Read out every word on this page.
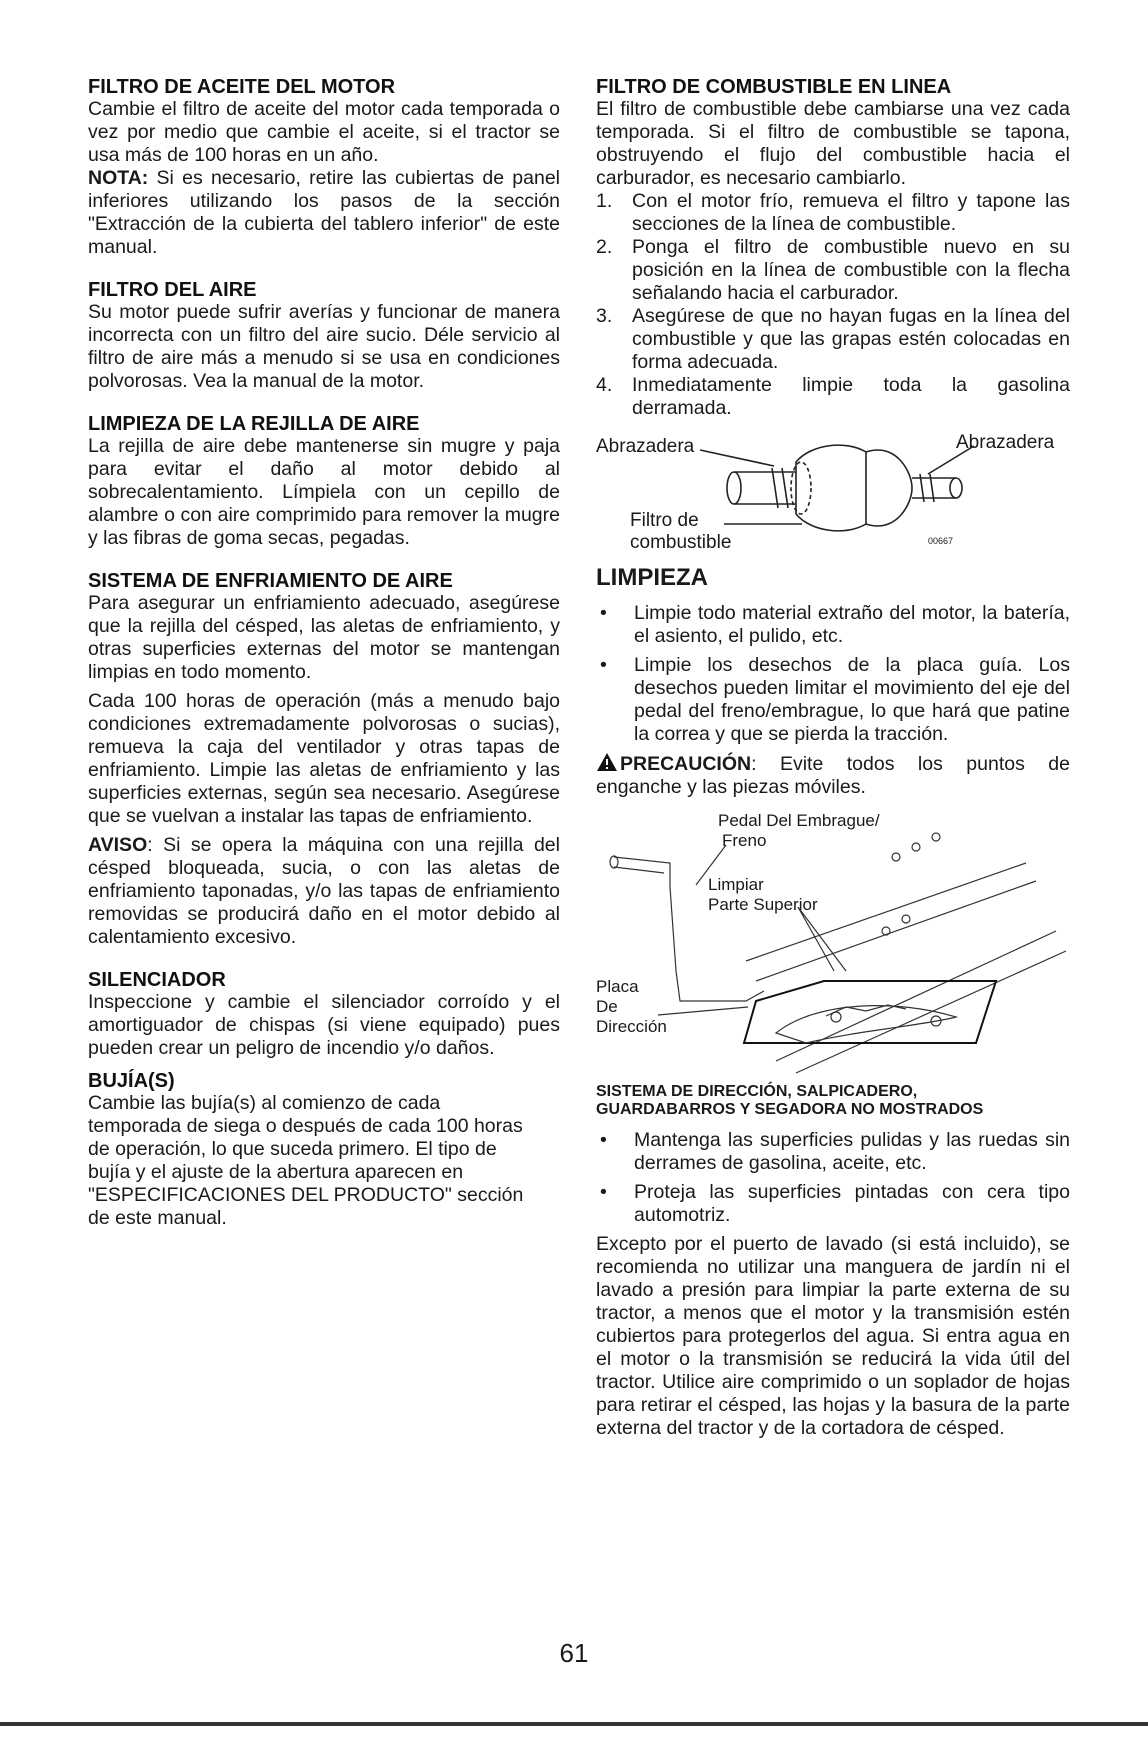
FILTRO DE ACEITE DEL MOTOR

Cambie el filtro de aceite del motor cada temporada o vez por medio que cambie el aceite, si el tractor se usa más de 100 horas en un año.

NOTA: Si es necesario, retire las cubiertas de panel inferiores utilizando los pasos de la sección "Extracción de la cubierta del tablero inferior" de este manual.

FILTRO DEL AIRE

Su motor puede sufrir averías y funcionar de manera incorrecta con un filtro del aire sucio. Déle servicio al filtro de aire más a menudo si se usa en condiciones polvorosas. Vea la manual de la motor.

LIMPIEZA DE LA REJILLA DE AIRE

La rejilla de aire debe mantenerse sin mugre y paja para evitar el daño al motor debido al sobrecalentamiento. Límpiela con un cepillo de alambre o con aire comprimido para remover la mugre y las fibras de goma secas, pegadas.

SISTEMA DE ENFRIAMIENTO DE AIRE

Para asegurar un enfriamiento adecuado, asegúrese que la rejilla del césped, las aletas de enfriamiento, y otras superficies externas del motor se mantengan limpias en todo momento.

Cada 100 horas de operación (más a menudo bajo condiciones extremadamente polvorosas o sucias), remueva la caja del ventilador y otras tapas de enfriamiento. Limpie las aletas de enfriamiento y las superficies externas, según sea necesario. Asegúrese que se vuelvan a instalar las tapas de enfriamiento.

AVISO: Si se opera la máquina con una rejilla del césped bloqueada, sucia, o con las aletas de enfriamiento taponadas, y/o las tapas de enfriamiento removidas se producirá daño en el motor debido al calentamiento excesivo.

SILENCIADOR

Inspeccione y cambie el silenciador corroído y el amortiguador de chispas (si viene equipado) pues pueden crear un peligro de incendio y/o daños.

BUJÍA(S)

Cambie las bujía(s) al comienzo de cada temporada de siega o después de cada 100 horas de operación, lo que suceda primero. El tipo de bujía y el ajuste de la abertura aparecen en "ESPECIFICACIONES DEL PRODUCTO" sección de este manual.

FILTRO DE COMBUSTIBLE EN LINEA

El filtro de combustible debe cambiarse una vez cada temporada. Si el filtro de combustible se tapona, obstruyendo el flujo del combustible hacia el carburador, es necesario cambiarlo.

1. Con el motor frío, remueva el filtro y tapone las secciones de la línea de combustible.
2. Ponga el filtro de combustible nuevo en su posición en la línea de combustible con la flecha señalando hacia el carburador.
3. Asegúrese de que no hayan fugas en la línea del combustible y que las grapas estén colocadas en forma adecuada.
4. Inmediatamente limpie toda la gasolina derramada.
Abrazadera	Abrazadera
Filtro de
combustible	00667
LIMPIEZA
• Limpie todo material extraño del motor, la batería, el asiento, el pulido, etc.
• Limpie los desechos de la placa guía. Los desechos pueden limitar el movimiento del eje del pedal del freno/embrague, lo que hará que patine la correa y que se pierda la tracción.

PRECAUCIÓN: Evite todos los puntos de enganche y las piezas móviles.

Pedal Del Embrague/
Freno
Limpiar
Parte Superior
Placa
De
Dirección
SISTEMA DE DIRECCIÓN, SALPICADERO,
GUARDABARROS Y SEGADORA NO MOSTRADOS
• Mantenga las superficies pulidas y las ruedas sin derrames de gasolina, aceite, etc.
• Proteja las superficies pintadas con cera tipo automotriz.

Excepto por el puerto de lavado (si está incluido), se recomienda no utilizar una manguera de jardín ni el lavado a presión para limpiar la parte externa de su tractor, a menos que el motor y la transmisión estén cubiertos para protegerlos del agua. Si entra agua en el motor o la transmisión se reducirá la vida útil del tractor. Utilice aire comprimido o un soplador de hojas para retirar el césped, las hojas y la basura de la parte externa del tractor y de la cortadora de césped.

61
